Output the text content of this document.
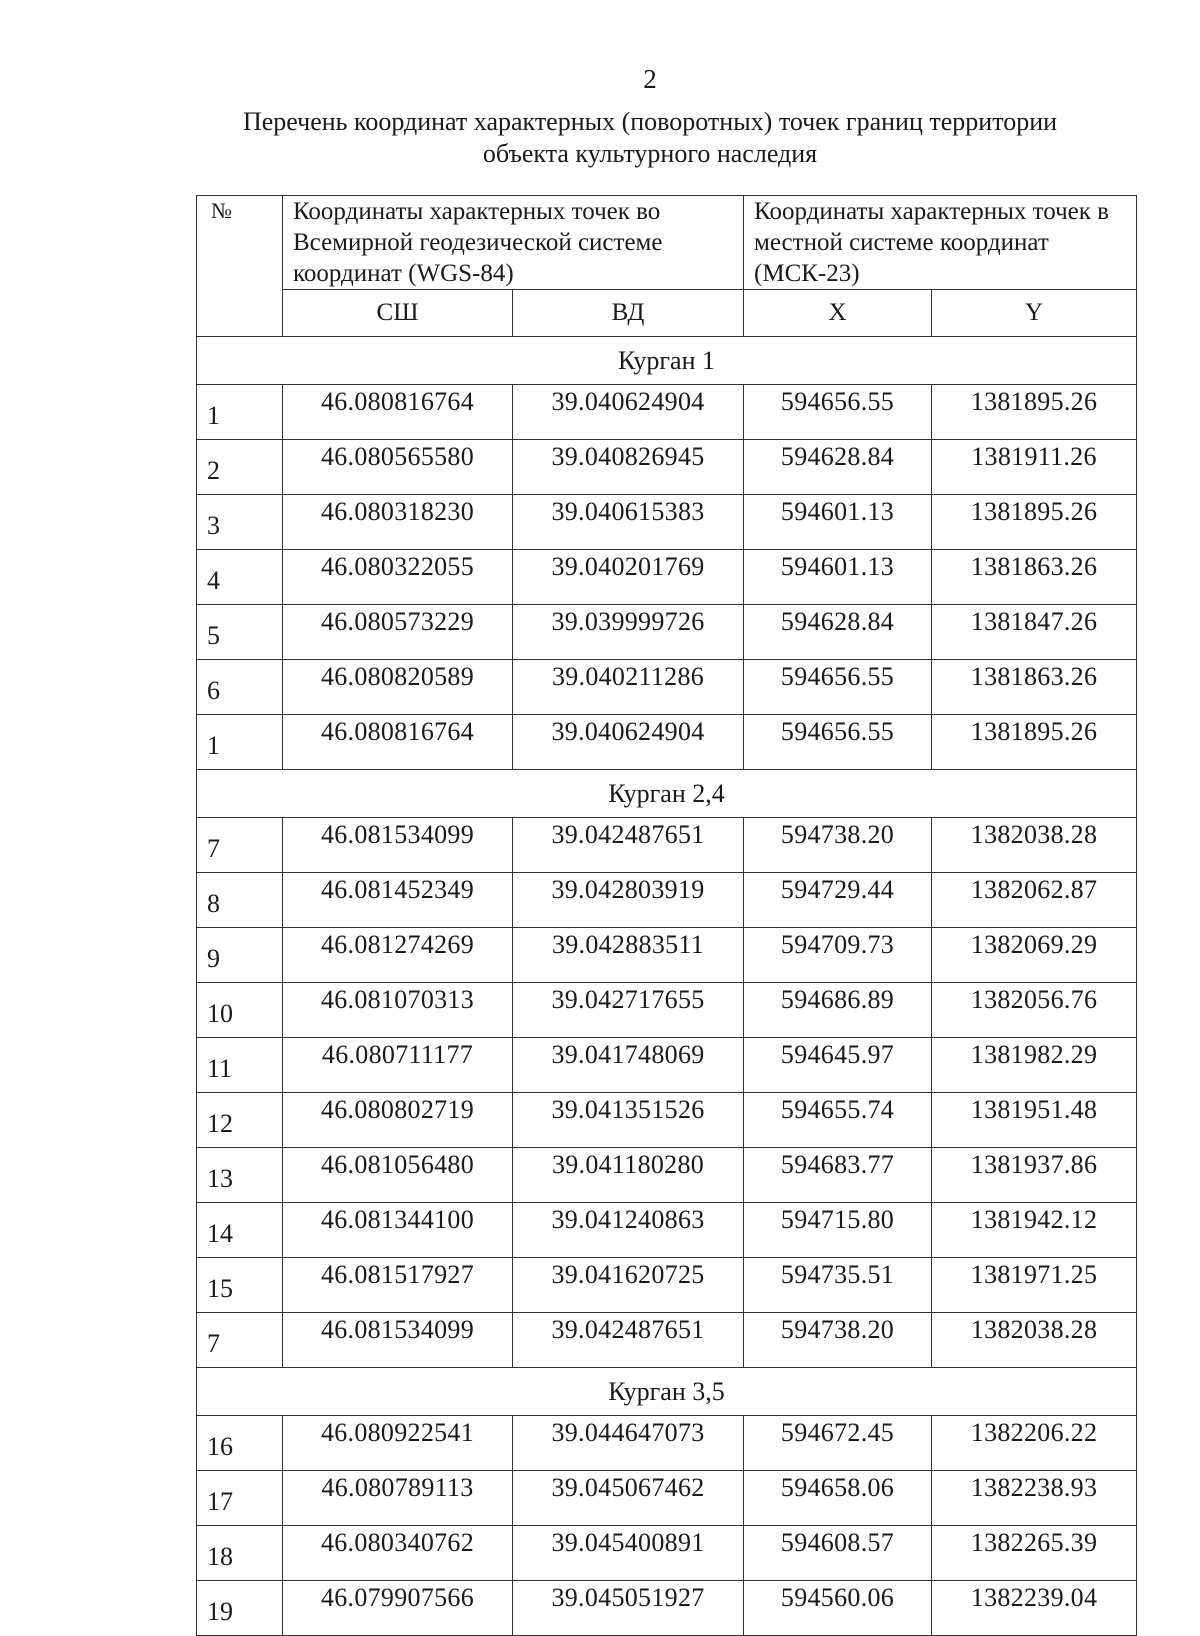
2
Перечень координат характерных (поворотных) точек границ территории
объекта культурного наследия
№	Координаты характерных точек во Всемирной геодезической системе координат (WGS-84)		Координаты характерных точек в местной системе координат (МСК-23)	
	СШ	ВД	X	Y
Курган 1				
1	46.080816764	39.040624904	594656.55	1381895.26
2	46.080565580	39.040826945	594628.84	1381911.26
3	46.080318230	39.040615383	594601.13	1381895.26
4	46.080322055	39.040201769	594601.13	1381863.26
5	46.080573229	39.039999726	594628.84	1381847.26
6	46.080820589	39.040211286	594656.55	1381863.26
1	46.080816764	39.040624904	594656.55	1381895.26
Курган 2,4				
7	46.081534099	39.042487651	594738.20	1382038.28
8	46.081452349	39.042803919	594729.44	1382062.87
9	46.081274269	39.042883511	594709.73	1382069.29
10	46.081070313	39.042717655	594686.89	1382056.76
11	46.080711177	39.041748069	594645.97	1381982.29
12	46.080802719	39.041351526	594655.74	1381951.48
13	46.081056480	39.041180280	594683.77	1381937.86
14	46.081344100	39.041240863	594715.80	1381942.12
15	46.081517927	39.041620725	594735.51	1381971.25
7	46.081534099	39.042487651	594738.20	1382038.28
Курган 3,5				
16	46.080922541	39.044647073	594672.45	1382206.22
17	46.080789113	39.045067462	594658.06	1382238.93
18	46.080340762	39.045400891	594608.57	1382265.39
19	46.079907566	39.045051927	594560.06	1382239.04
